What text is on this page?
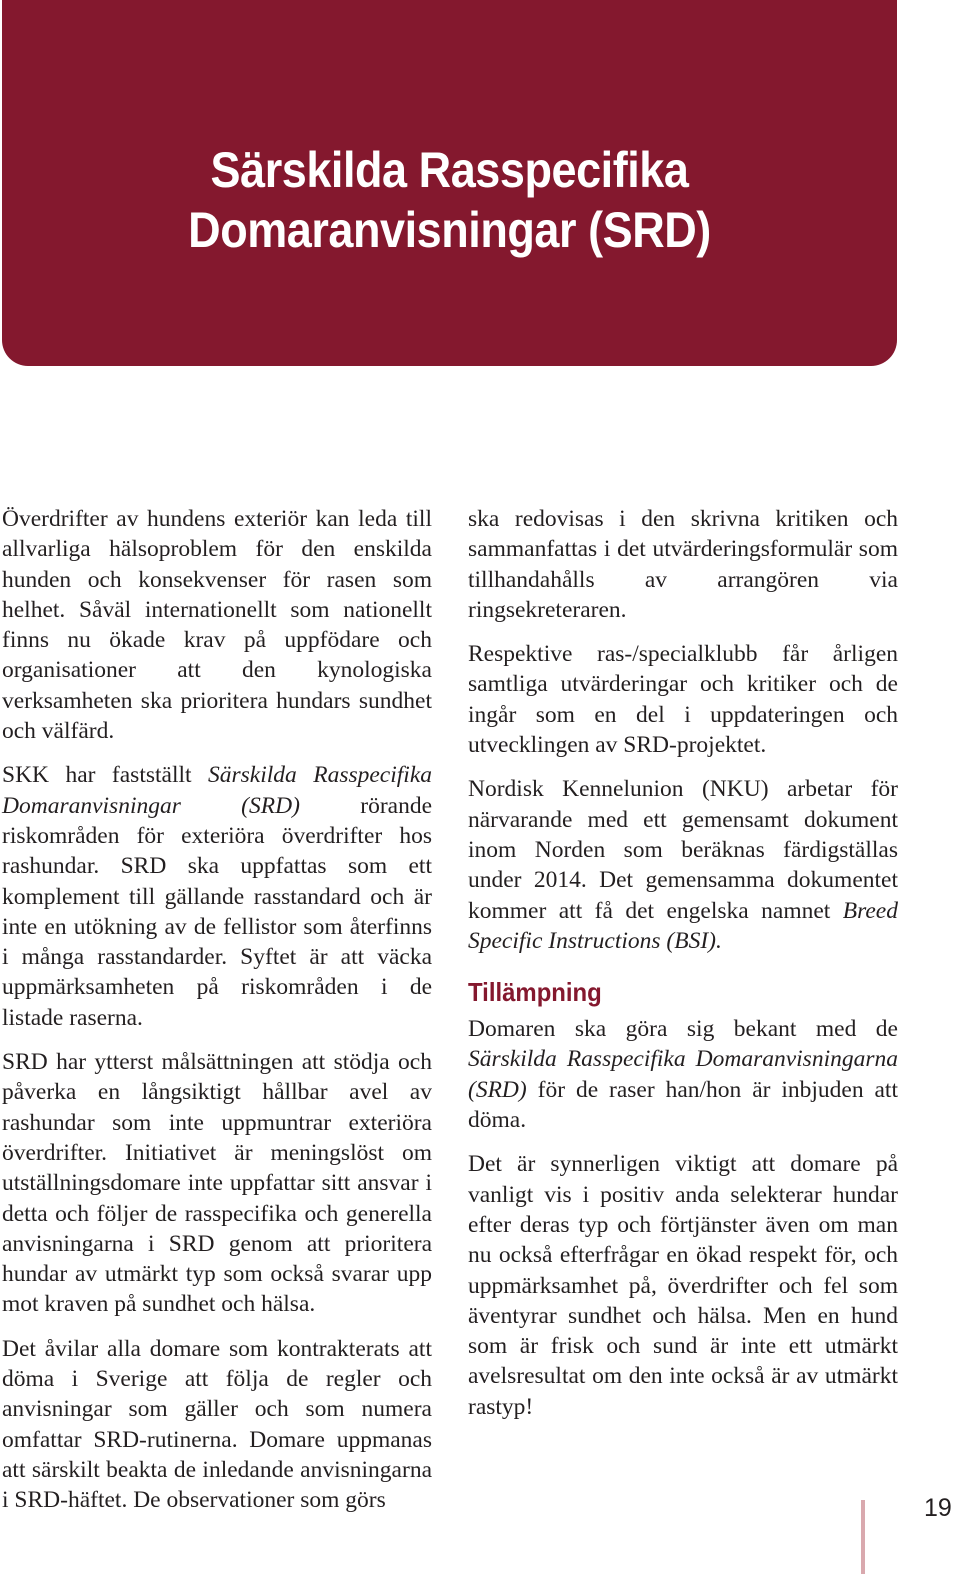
Särskilda Rasspecifika
Domaranvisningar (SRD)

Överdrifter av hundens exteriör kan leda till allvarliga hälsoproblem för den enskilda hunden och konsekvenser för rasen som helhet. Såväl internationellt som nationellt finns nu ökade krav på uppfödare och organisationer att den kynologiska verksamheten ska prioritera hundars sundhet och välfärd.

SKK har fastställt Särskilda Rasspecifika Domaranvisningar (SRD) rörande riskområden för exteriöra överdrifter hos rashundar. SRD ska uppfattas som ett komplement till gällande rasstandard och är inte en utökning av de fellistor som återfinns i många rasstandarder. Syftet är att väcka uppmärksamheten på riskområden i de listade raserna.

SRD har ytterst målsättningen att stödja och påverka en långsiktigt hållbar avel av rashundar som inte uppmuntrar exteriöra överdrifter. Initiativet är meningslöst om utställningsdomare inte uppfattar sitt ansvar i detta och följer de rasspecifika och generella anvisningarna i SRD genom att prioritera hundar av utmärkt typ som också svarar upp mot kraven på sundhet och hälsa.

Det åvilar alla domare som kontrakterats att döma i Sverige att följa de regler och anvisningar som gäller och som numera omfattar SRD-rutinerna. Domare uppmanas att särskilt beakta de inledande anvisningarna i SRD-häftet. De observationer som görs

ska redovisas i den skrivna kritiken och sammanfattas i det utvärderingsformulär som tillhandahålls av arrangören via ringsekreteraren.

Respektive ras-/specialklubb får årligen samtliga utvärderingar och kritiker och de ingår som en del i uppdateringen och utvecklingen av SRD-projektet.

Nordisk Kennelunion (NKU) arbetar för närvarande med ett gemensamt dokument inom Norden som beräknas färdigställas under 2014. Det gemensamma dokumentet kommer att få det engelska namnet Breed Specific Instructions (BSI).

Tillämpning

Domaren ska göra sig bekant med de Särskilda Rasspecifika Domaranvisningarna (SRD) för de raser han/hon är inbjuden att döma.

Det är synnerligen viktigt att domare på vanligt vis i positiv anda selekterar hundar efter deras typ och förtjänster även om man nu också efterfrågar en ökad respekt för, och uppmärksamhet på, överdrifter och fel som äventyrar sundhet och hälsa. Men en hund som är frisk och sund är inte ett utmärkt avelsresultat om den inte också är av utmärkt rastyp!

19
